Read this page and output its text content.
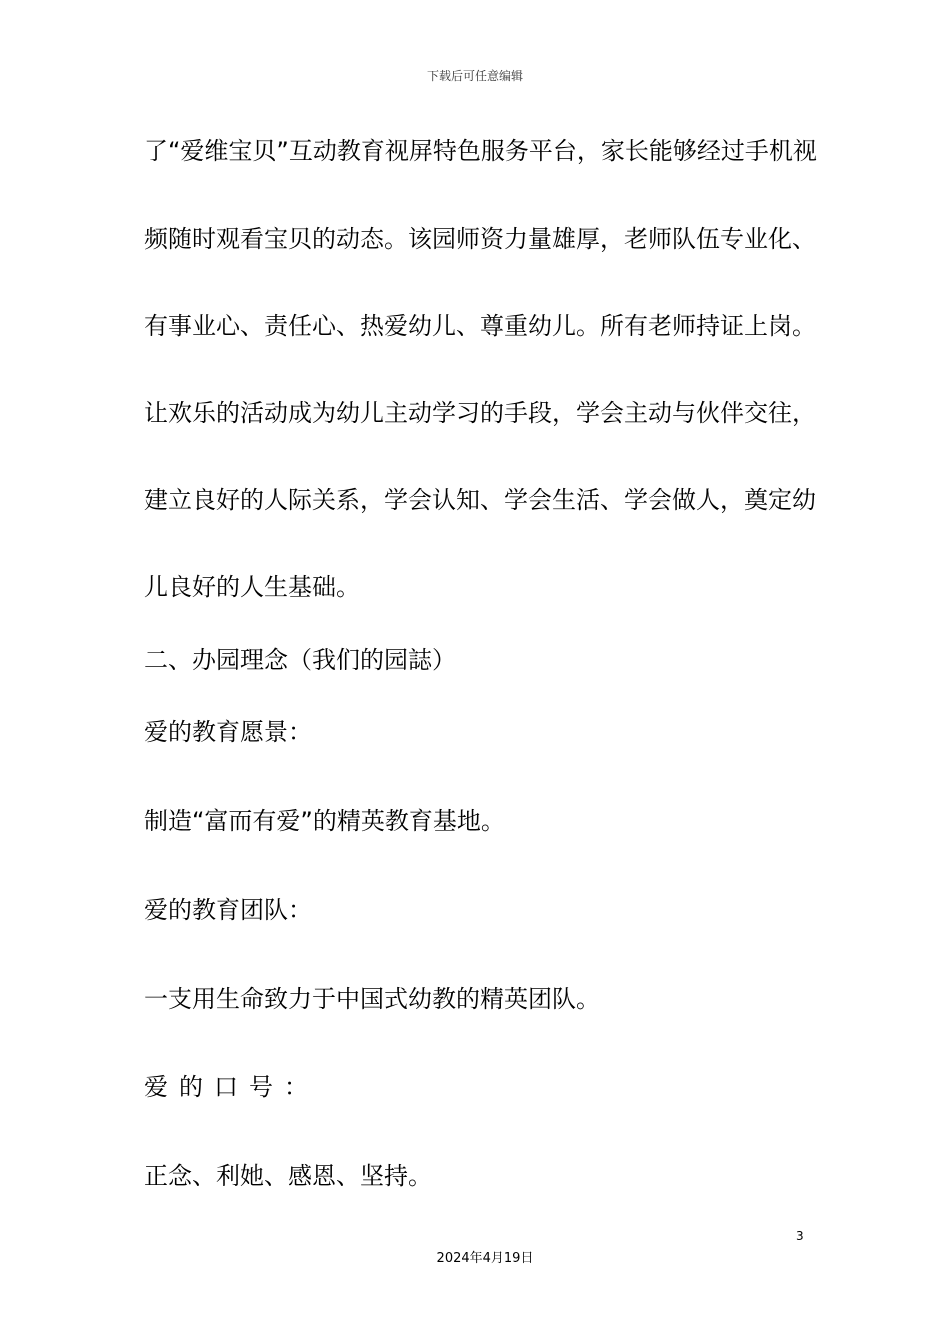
下载后可任意编辑
了“爱维宝贝”互动教育视屏特色服务平台，家长能够经过手机视
频随时观看宝贝的动态。该园师资力量雄厚，老师队伍专业化、
有事业心、责任心、热爱幼儿、尊重幼儿。所有老师持证上岗。
让欢乐的活动成为幼儿主动学习的手段，学会主动与伙伴交往，
建立良好的人际关系，学会认知、学会生活、学会做人，奠定幼
儿良好的人生基础。
二、办园理念（我们的园誌）
爱的教育愿景：
制造“富而有爱”的精英教育基地。
爱的教育团队：
一支用生命致力于中国式幼教的精英团队。
爱的口号：
正念、利她、感恩、坚持。
3
2024年4月19日
